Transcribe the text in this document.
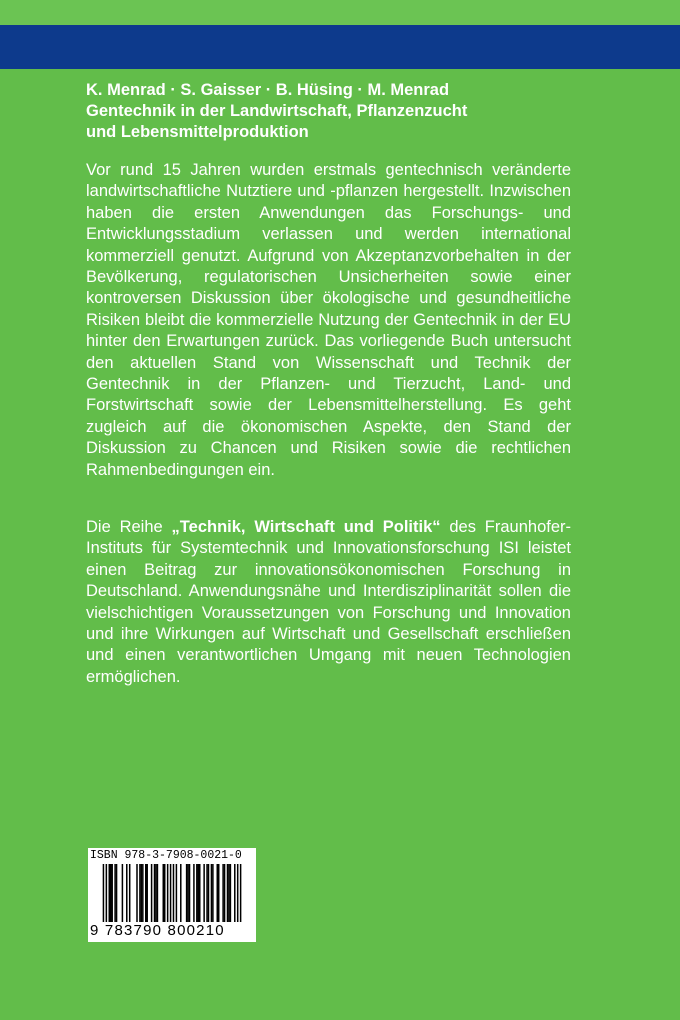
K. Menrad · S. Gaisser · B. Hüsing · M. Menrad
Gentechnik in der Landwirtschaft, Pflanzenzucht
und Lebensmittelproduktion

Vor rund 15 Jahren wurden erstmals gentechnisch veränderte landwirtschaftliche Nutztiere und -pflanzen hergestellt. Inzwischen haben die ersten Anwendungen das Forschungs- und Entwicklungsstadium verlassen und werden international kommerziell genutzt. Aufgrund von Akzeptanzvorbehalten in der Bevölkerung, regulatorischen Unsicherheiten sowie einer kontroversen Diskussion über ökologische und gesundheitliche Risiken bleibt die kommerzielle Nutzung der Gentechnik in der EU hinter den Erwartungen zurück. Das vorliegende Buch untersucht den aktuellen Stand von Wissenschaft und Technik der Gentechnik in der Pflanzen- und Tierzucht, Land- und Forstwirtschaft sowie der Lebensmittelherstellung. Es geht zugleich auf die ökonomischen Aspekte, den Stand der Diskussion zu Chancen und Risiken sowie die rechtlichen Rahmenbedingungen ein.

Die Reihe „Technik, Wirtschaft und Politik“ des Fraunhofer-Instituts für Systemtechnik und Innovationsforschung ISI leistet einen Beitrag zur innovationsökonomischen Forschung in Deutschland. Anwendungsnähe und Interdisziplinarität sollen die vielschichtigen Voraussetzungen von Forschung und Innovation und ihre Wirkungen auf Wirtschaft und Gesellschaft erschließen und einen verantwortlichen Umgang mit neuen Technologien ermöglichen.

ISBN 978-3-7908-0021-0
9 783790 800210
